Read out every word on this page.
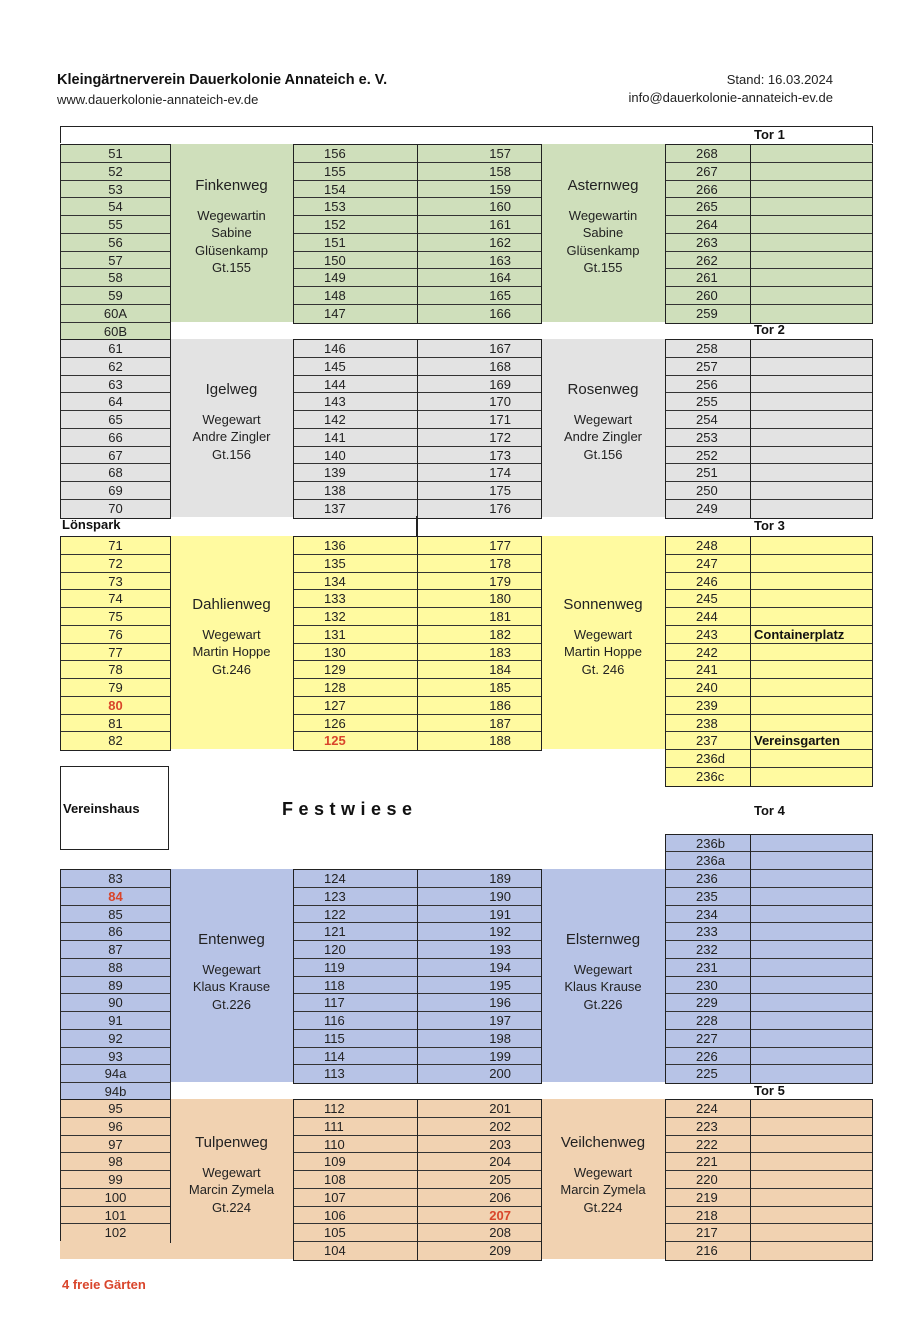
Kleingärtnerverein Dauerkolonie Annateich e. V.
www.dauerkolonie-annateich-ev.de
Stand: 16.03.2024
info@dauerkolonie-annateich-ev.de
Tor 1
51
52
53
54
55
56
57
58
59
60A
60B
156
155
154
153
152
151
150
149
148
147
157
158
159
160
161
162
163
164
165
166
268
267
266
265
264
263
262
261
260
259
Finkenweg
Wegewartin
Sabine
Glüsenkamp
Gt.155
Asternweg
Wegewartin
Sabine
Glüsenkamp
Gt.155
61
62
63
64
65
66
67
68
69
70
146
145
144
143
142
141
140
139
138
137
167
168
169
170
171
172
173
174
175
176
258
257
256
255
254
253
252
251
250
249
Igelweg
Wegewart
Andre Zingler
Gt.156
Rosenweg
Wegewart
Andre Zingler
Gt.156
71
72
73
74
75
76
77
78
79
80
81
82
136
135
134
133
132
131
130
129
128
127
126
125
177
178
179
180
181
182
183
184
185
186
187
188
248
247
246
245
244
243
242
241
240
239
238
237
236d
236c
Containerplatz
Vereinsgarten
Dahlienweg
Wegewart
Martin Hoppe
Gt.246
Sonnenweg
Wegewart
Martin Hoppe
Gt. 246
83
84
85
86
87
88
89
90
91
92
93
94a
94b
124
123
122
121
120
119
118
117
116
115
114
113
189
190
191
192
193
194
195
196
197
198
199
200
236b
236a
236
235
234
233
232
231
230
229
228
227
226
225
Entenweg
Wegewart
Klaus Krause
Gt.226
Elsternweg
Wegewart
Klaus Krause
Gt.226
95
96
97
98
99
100
101
102
112
111
110
109
108
107
106
105
104
201
202
203
204
205
206
207
208
209
224
223
222
221
220
219
218
217
216
Tulpenweg
Wegewart
Marcin Zymela
Gt.224
Veilchenweg
Wegewart
Marcin Zymela
Gt.224
Tor 2
Tor 3
Tor 4
Tor 5
Lönspark
Vereinshaus	Festwiese
4 freie Gärten
